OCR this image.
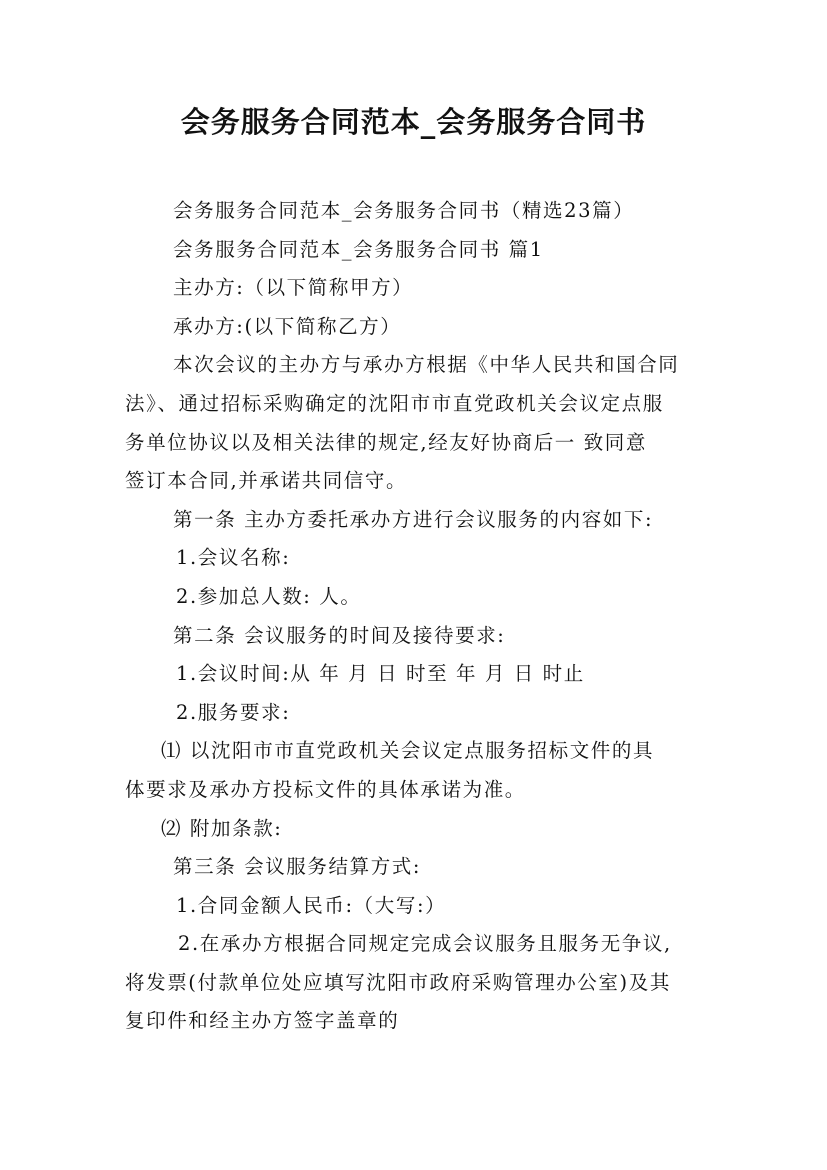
会务服务合同范本_会务服务合同书

会务服务合同范本_会务服务合同书（精选23篇）

会务服务合同范本_会务服务合同书 篇1

主办方:（以下简称甲方）

承办方:(以下简称乙方）

本次会议的主办方与承办方根据《中华人民共和国合同

法》、通过招标采购确定的沈阳市市直党政机关会议定点服

务单位协议以及相关法律的规定,经友好协商后一 致同意

签订本合同,并承诺共同信守。

第一条 主办方委托承办方进行会议服务的内容如下:

1.会议名称:

2.参加总人数: 人。

第二条 会议服务的时间及接待要求:

1.会议时间:从 年 月 日 时至 年 月 日 时止

2.服务要求:

⑴ 以沈阳市市直党政机关会议定点服务招标文件的具

体要求及承办方投标文件的具体承诺为准。

⑵ 附加条款:

第三条 会议服务结算方式:

1.合同金额人民币:（大写:）

2.在承办方根据合同规定完成会议服务且服务无争议,

将发票(付款单位处应填写沈阳市政府采购管理办公室)及其

复印件和经主办方签字盖章的
